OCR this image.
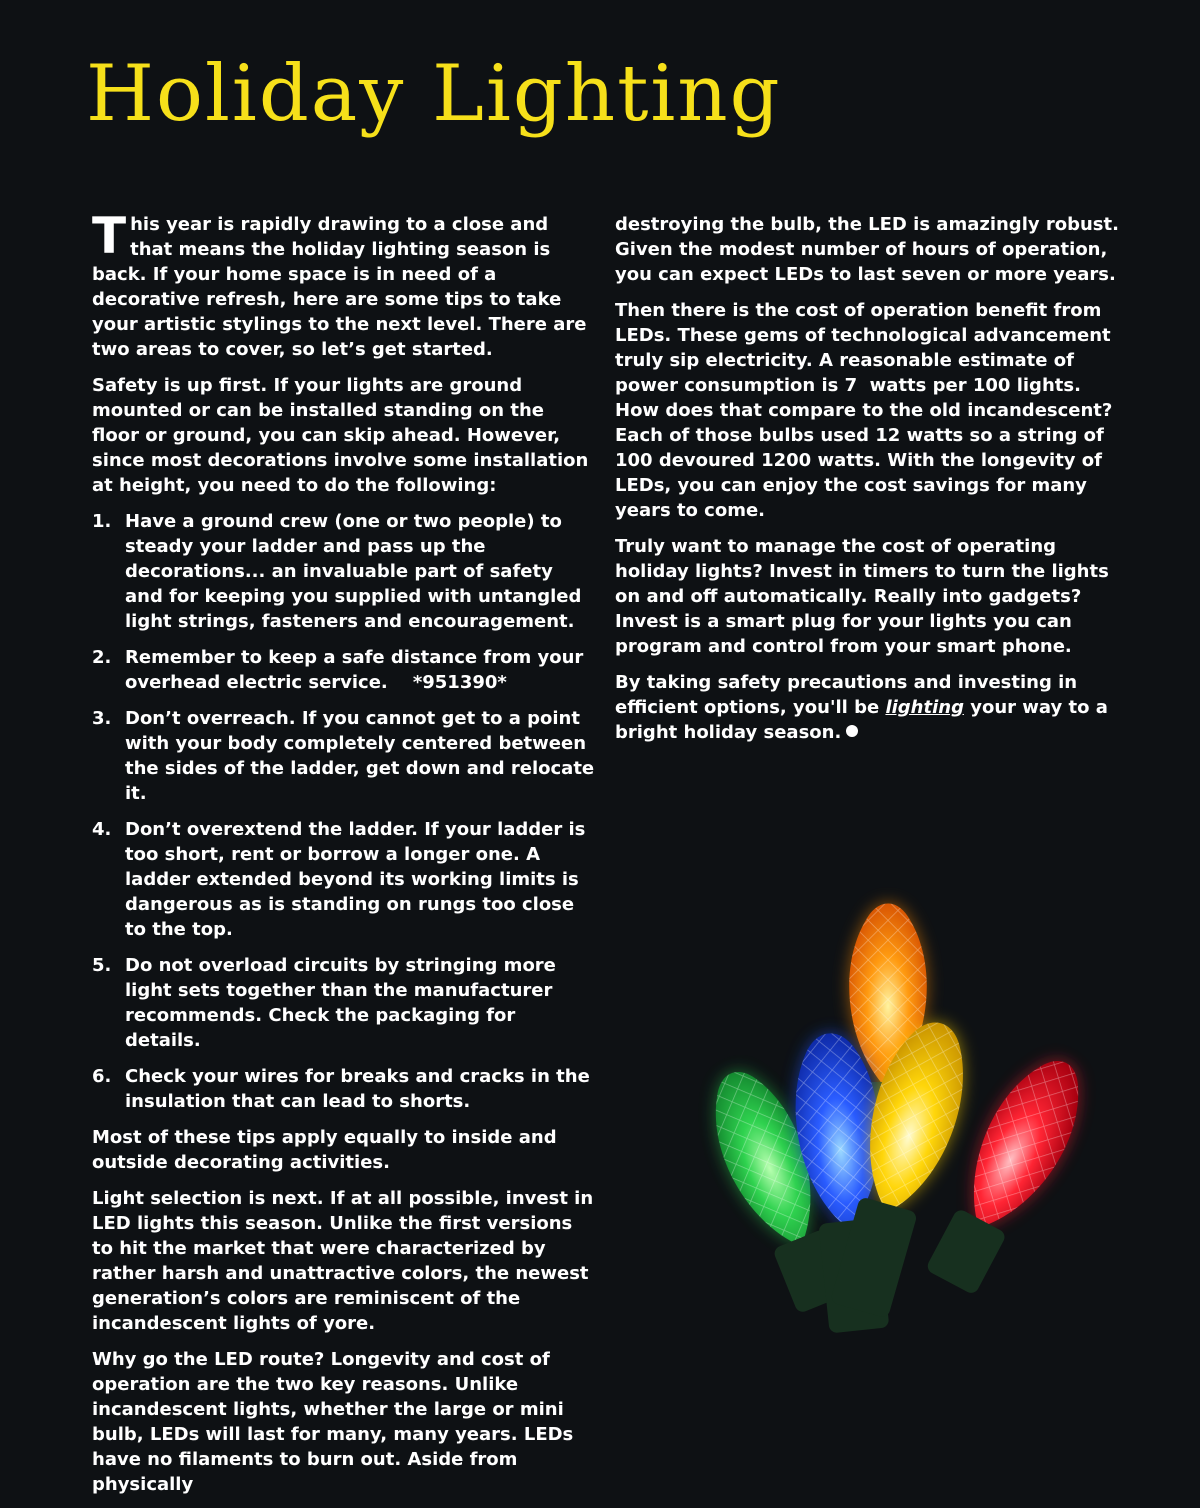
Holiday Lighting

This year is rapidly drawing to a close and that means the holiday lighting season is back. If your home space is in need of a decorative refresh, here are some tips to take your artistic stylings to the next level. There are two areas to cover, so let’s get started.

Safety is up first. If your lights are ground mounted or can be installed standing on the floor or ground, you can skip ahead. However, since most decorations involve some installation at height, you need to do the following:

1. Have a ground crew (one or two people) to steady your ladder and pass up the decorations... an invaluable part of safety and for keeping you supplied with untangled light strings, fasteners and encouragement.
2. Remember to keep a safe distance from your overhead electric service.    *951390*
3. Don’t overreach. If you cannot get to a point with your body completely centered between the sides of the ladder, get down and relocate it.
4. Don’t overextend the ladder. If your ladder is too short, rent or borrow a longer one. A ladder extended beyond its working limits is dangerous as is standing on rungs too close to the top.
5. Do not overload circuits by stringing more light sets together than the manufacturer recommends. Check the packaging for details.
6. Check your wires for breaks and cracks in the insulation that can lead to shorts.

Most of these tips apply equally to inside and outside decorating activities.

Light selection is next. If at all possible, invest in LED lights this season. Unlike the first versions to hit the market that were characterized by rather harsh and unattractive colors, the newest generation’s colors are reminiscent of the incandescent lights of yore.

Why go the LED route? Longevity and cost of operation are the two key reasons. Unlike incandescent lights, whether the large or mini bulb, LEDs will last for many, many years. LEDs have no filaments to burn out. Aside from physically

destroying the bulb, the LED is amazingly robust. Given the modest number of hours of operation, you can expect LEDs to last seven or more years.

Then there is the cost of operation benefit from LEDs. These gems of technological advancement truly sip electricity. A reasonable estimate of power consumption is 7  watts per 100 lights. How does that compare to the old incandescent? Each of those bulbs used 12 watts so a string of 100 devoured 1200 watts. With the longevity of LEDs, you can enjoy the cost savings for many years to come.

Truly want to manage the cost of operating holiday lights? Invest in timers to turn the lights on and off automatically. Really into gadgets? Invest is a smart plug for your lights you can program and control from your smart phone.

By taking safety precautions and investing in efficient options, you'll be lighting your way to a bright holiday season.
